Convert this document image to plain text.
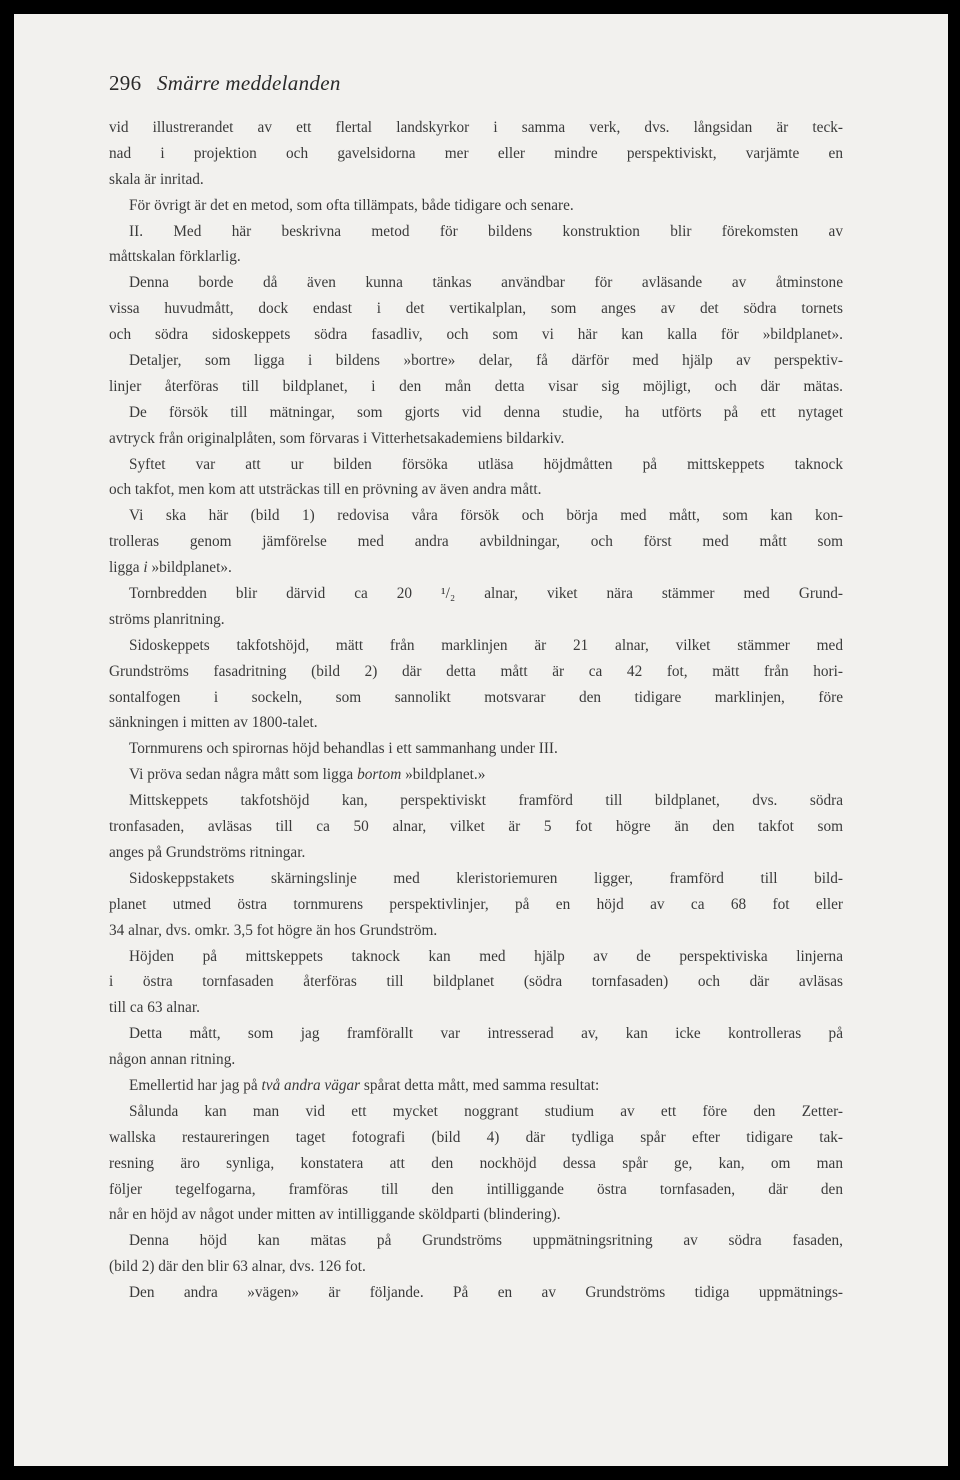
296 Smärre meddelanden
vid illustrerandet av ett flertal landskyrkor i samma verk, dvs. långsidan är teck-
nad i projektion och gavelsidorna mer eller mindre perspektiviskt, varjämte en
skala är inritad.
För övrigt är det en metod, som ofta tillämpats, både tidigare och senare.
II. Med här beskrivna metod för bildens konstruktion blir förekomsten av
måttskalan förklarlig.
Denna borde då även kunna tänkas användbar för avläsande av åtminstone
vissa huvudmått, dock endast i det vertikalplan, som anges av det södra tornets
och södra sidoskeppets södra fasadliv, och som vi här kan kalla för »bildplanet».
Detaljer, som ligga i bildens »bortre» delar, få därför med hjälp av perspektiv-
linjer återföras till bildplanet, i den mån detta visar sig möjligt, och där mätas.
De försök till mätningar, som gjorts vid denna studie, ha utförts på ett nytaget
avtryck från originalplåten, som förvaras i Vitterhetsakademiens bildarkiv.
Syftet var att ur bilden försöka utläsa höjdmåtten på mittskeppets taknock
och takfot, men kom att utsträckas till en prövning av även andra mått.
Vi ska här (bild 1) redovisa våra försök och börja med mått, som kan kon-
trolleras genom jämförelse med andra avbildningar, och först med mått som
ligga i »bildplanet».
Tornbredden blir därvid ca 20 ¹/₂ alnar, viket nära stämmer med Grund-
ströms planritning.
Sidoskeppets takfotshöjd, mätt från marklinjen är 21 alnar, vilket stämmer med
Grundströms fasadritning (bild 2) där detta mått är ca 42 fot, mätt från hori-
sontalfogen i sockeln, som sannolikt motsvarar den tidigare marklinjen, före
sänkningen i mitten av 1800-talet.
Tornmurens och spirornas höjd behandlas i ett sammanhang under III.
Vi pröva sedan några mått som ligga bortom »bildplanet.»
Mittskeppets takfotshöjd kan, perspektiviskt framförd till bildplanet, dvs. södra
tronfasaden, avläsas till ca 50 alnar, vilket är 5 fot högre än den takfot som
anges på Grundströms ritningar.
Sidoskeppstakets skärningslinje med kleristoriemuren ligger, framförd till bild-
planet utmed östra tornmurens perspektivlinjer, på en höjd av ca 68 fot eller
34 alnar, dvs. omkr. 3,5 fot högre än hos Grundström.
Höjden på mittskeppets taknock kan med hjälp av de perspektiviska linjerna
i östra tornfasaden återföras till bildplanet (södra tornfasaden) och där avläsas
till ca 63 alnar.
Detta mått, som jag framförallt var intresserad av, kan icke kontrolleras på
någon annan ritning.
Emellertid har jag på två andra vägar spårat detta mått, med samma resultat:
Sålunda kan man vid ett mycket noggrant studium av ett före den Zetter-
wallska restaureringen taget fotografi (bild 4) där tydliga spår efter tidigare tak-
resning äro synliga, konstatera att den nockhöjd dessa spår ge, kan, om man
följer tegelfogarna, framföras till den intilliggande östra tornfasaden, där den
når en höjd av något under mitten av intilliggande sköldparti (blindering).
Denna höjd kan mätas på Grundströms uppmätningsritning av södra fasaden,
(bild 2) där den blir 63 alnar, dvs. 126 fot.
Den andra »vägen» är följande. På en av Grundströms tidiga uppmätnings-
